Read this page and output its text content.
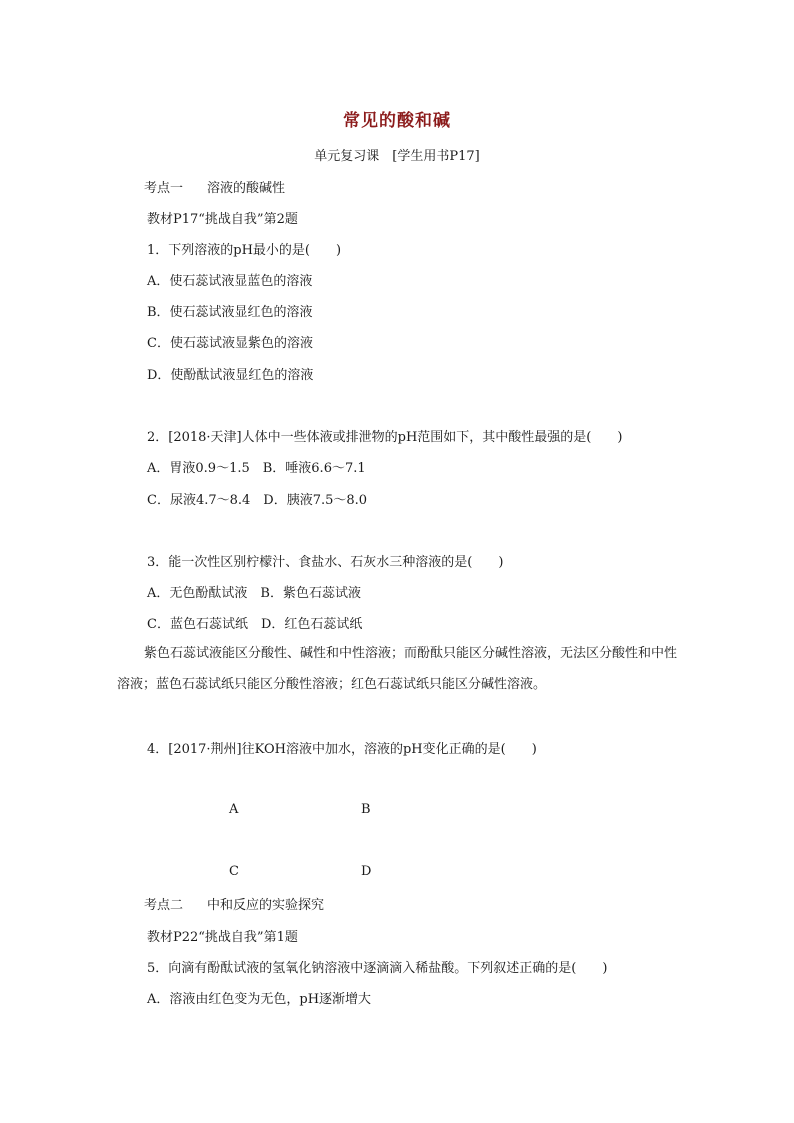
常见的酸和碱
单元复习课　[学生用书P17]
考点一 溶液的酸碱性
教材P17“挑战自我”第2题
1．下列溶液的pH最小的是(　　)
A．使石蕊试液显蓝色的溶液
B．使石蕊试液显红色的溶液
C．使石蕊试液显紫色的溶液
D．使酚酞试液显红色的溶液
2．[2018·天津]人体中一些体液或排泄物的pH范围如下，其中酸性最强的是(　　)
A．胃液0.9～1.5　B．唾液6.6～7.1
C．尿液4.7～8.4　D．胰液7.5～8.0
3．能一次性区别柠檬汁、食盐水、石灰水三种溶液的是(　　)
A．无色酚酞试液　B．紫色石蕊试液
C．蓝色石蕊试纸　D．红色石蕊试纸
紫色石蕊试液能区分酸性、碱性和中性溶液；而酚酞只能区分碱性溶液，无法区分酸性和中性溶液；蓝色石蕊试纸只能区分酸性溶液；红色石蕊试纸只能区分碱性溶液。
4．[2017·荆州]往KOH溶液中加水，溶液的pH变化正确的是(　　)
A	B
C	D
考点二 中和反应的实验探究
教材P22“挑战自我”第1题
5．向滴有酚酞试液的氢氧化钠溶液中逐滴滴入稀盐酸。下列叙述正确的是(　　)
A．溶液由红色变为无色，pH逐渐增大
